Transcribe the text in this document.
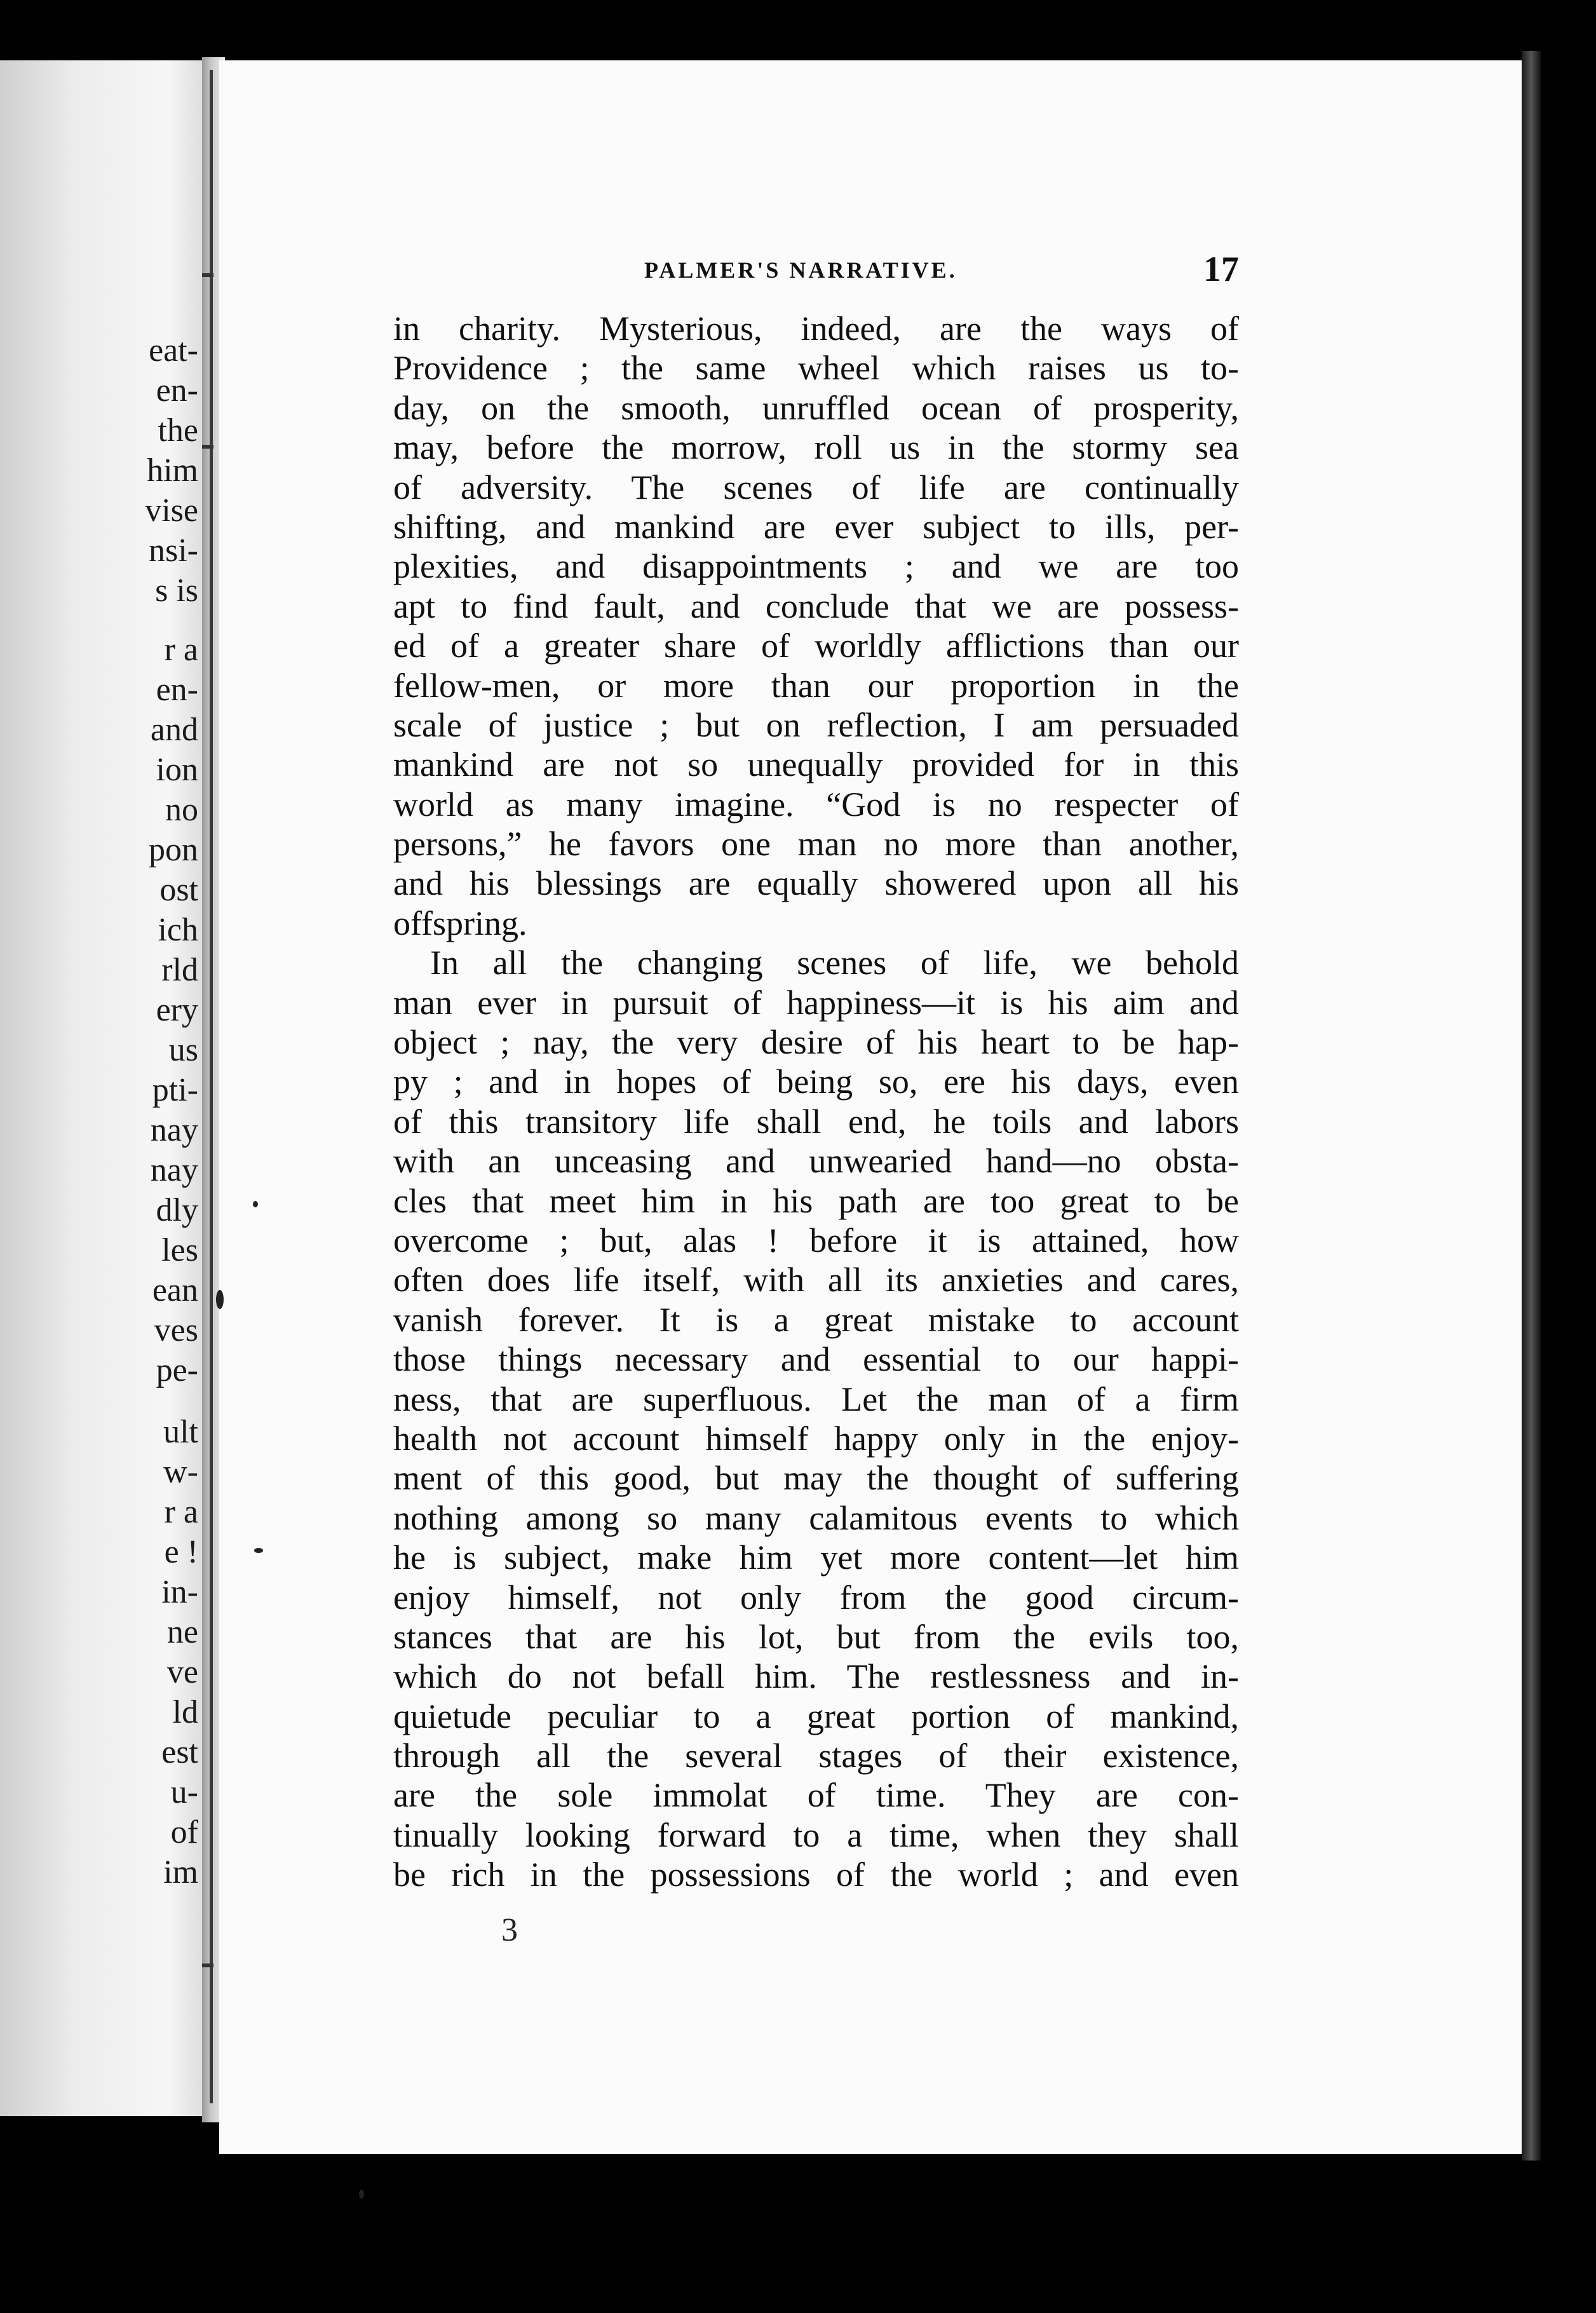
eat-
en-
the
him
vise
nsi-
s is
r a
en-
and
ion
no
pon
ost
ich
rld
ery
us
pti-
nay
nay
dly
les
ean
ves
pe-
ult
w-
r a
e !
in-
ne
ve
ld
est
u-
of
im
PALMER'S NARRATIVE.	17
in charity. Mysterious, indeed, are the ways of
Providence ; the same wheel which raises us to-
day, on the smooth, unruffled ocean of prosperity,
may, before the morrow, roll us in the stormy sea
of adversity. The scenes of life are continually
shifting, and mankind are ever subject to ills, per-
plexities, and disappointments ; and we are too
apt to find fault, and conclude that we are possess-
ed of a greater share of worldly afflictions than our
fellow-men, or more than our proportion in the
scale of justice ; but on reflection, I am persuaded
mankind are not so unequally provided for in this
world as many imagine. “God is no respecter of
persons,” he favors one man no more than another,
and his blessings are equally showered upon all his
offspring.
In all the changing scenes of life, we behold
man ever in pursuit of happiness—it is his aim and
object ; nay, the very desire of his heart to be hap-
py ; and in hopes of being so, ere his days, even
of this transitory life shall end, he toils and labors
with an unceasing and unwearied hand—no obsta-
cles that meet him in his path are too great to be
overcome ; but, alas ! before it is attained, how
often does life itself, with all its anxieties and cares,
vanish forever. It is a great mistake to account
those things necessary and essential to our happi-
ness, that are superfluous. Let the man of a firm
health not account himself happy only in the enjoy-
ment of this good, but may the thought of suffering
nothing among so many calamitous events to which
he is subject, make him yet more content—let him
enjoy himself, not only from the good circum-
stances that are his lot, but from the evils too,
which do not befall him. The restlessness and in-
quietude peculiar to a great portion of mankind,
through all the several stages of their existence,
are the sole immolat of time. They are con-
tinually looking forward to a time, when they shall
be rich in the possessions of the world ; and even
3
